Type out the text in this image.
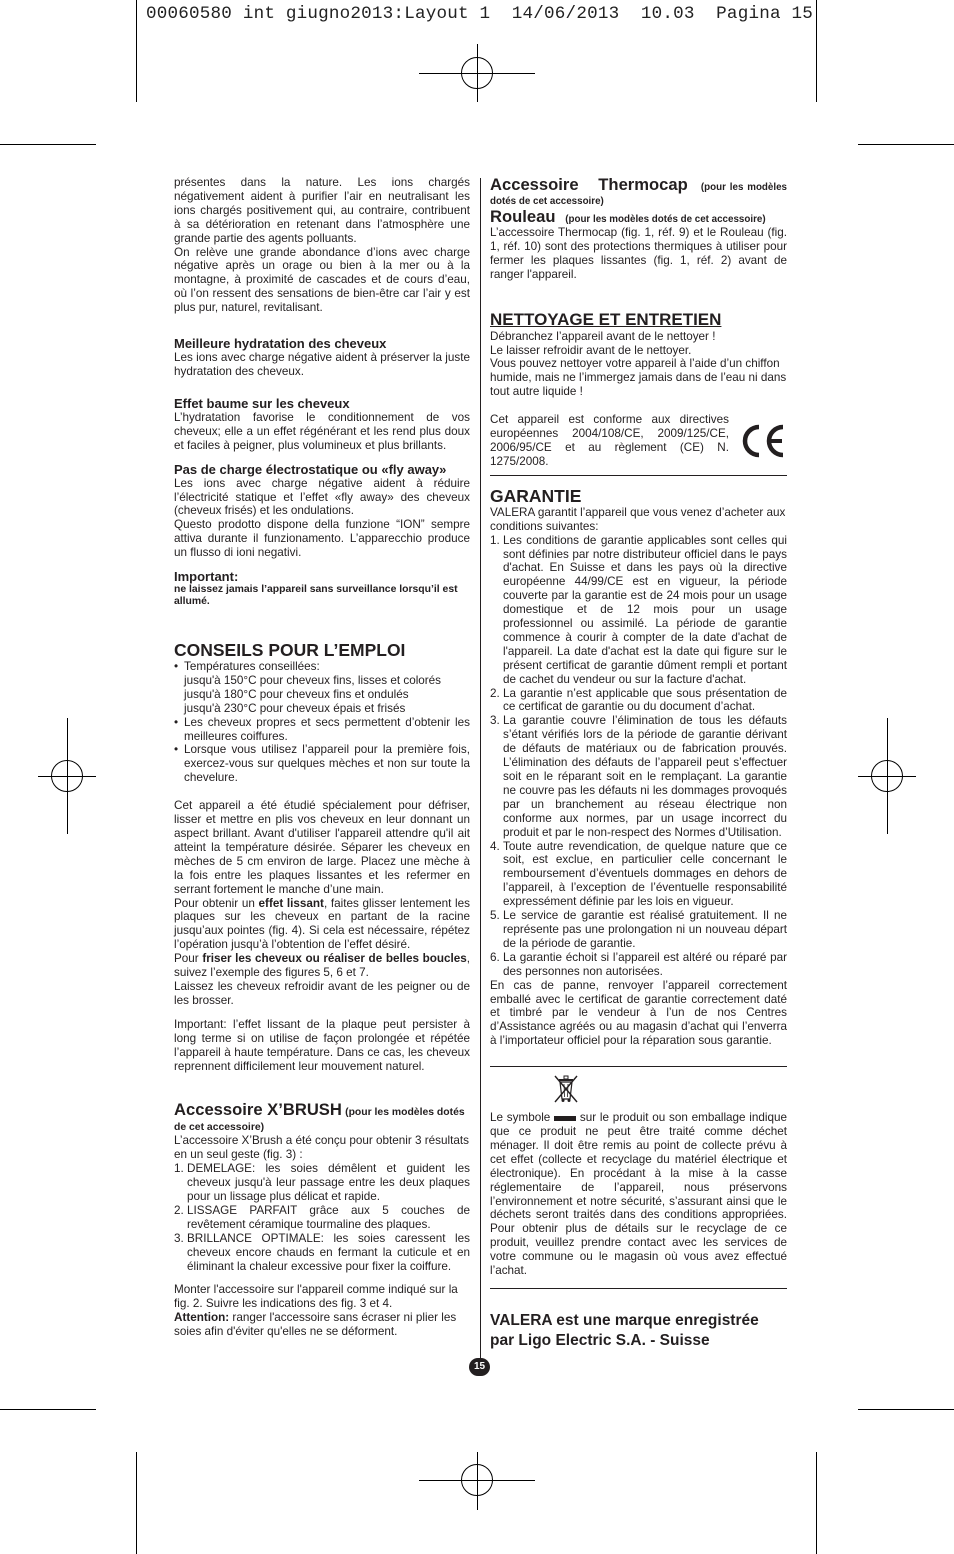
00060580 int giugno2013:Layout 1  14/06/2013  10.03  Pagina 15

présentes dans la nature. Les ions chargés négativement aident à purifier l’air en neutralisant les ions chargés positivement qui, au contraire, contribuent à sa détérioration en retenant dans l’atmosphère une grande partie des agents polluants.

On relève une grande abondance d’ions avec charge négative après un orage ou bien à la mer ou à la montagne, à proximité de cascades et de cours d’eau, où l’on ressent des sensations de bien-être car l’air y est plus pur, naturel, revitalisant.

Meilleure hydratation des cheveux

Les ions avec charge négative aident à préserver la juste hydratation des cheveux.

Effet baume sur les cheveux

L’hydratation favorise le conditionnement de vos cheveux; elle a un effet régénérant et les rend plus doux et faciles à peigner, plus volumineux et plus brillants.

Pas de charge électrostatique ou «fly away»

Les ions avec charge négative aident à réduire l’électricité statique et l’effet «fly away» des cheveux (cheveux frisés) et les ondulations.

Questo prodotto dispone della funzione “ION” sempre attiva durante il funzionamento. L’apparecchio produce un flusso di ioni negativi.

Important:

ne laissez jamais l’appareil sans surveillance lorsqu’il est allumé.

CONSEILS POUR L’EMPLOI

• Températures conseillées:
jusqu'à 150°C pour cheveux fins, lisses et colorés
jusqu'à 180°C pour cheveux fins et ondulés
jusqu'à 230°C pour cheveux épais et frisés
• Les cheveux propres et secs permettent d’obtenir les meilleures coiffures.
• Lorsque vous utilisez l’appareil pour la première fois, exercez-vous sur quelques mèches et non sur toute la chevelure.

Cet appareil a été étudié spécialement pour défriser, lisser et mettre en plis vos cheveux en leur donnant un aspect brillant. Avant d'utiliser l'appareil attendre qu'il ait atteint la température désirée. Séparer les cheveux en mèches de 5 cm environ de large. Placez une mèche à la fois entre les plaques lissantes et les refermer en serrant fortement le manche d’une main.

Pour obtenir un effet lissant, faites glisser lentement les plaques sur les cheveux en partant de la racine jusqu’aux pointes (fig. 4). Si cela est nécessaire, répétez l’opération jusqu’à l’obtention de l’effet désiré.

Pour friser les cheveux ou réaliser de belles boucles, suivez l’exemple des figures 5, 6 et 7.

Laissez les cheveux refroidir avant de les peigner ou de les brosser.

Important: l’effet lissant de la plaque peut persister à long terme si on utilise de façon prolongée et répétée l’appareil à haute température. Dans ce cas, les cheveux reprennent difficilement leur mouvement naturel.

Accessoire X’BRUSH (pour les modèles dotés de cet accessoire)

L’accessoire X’Brush a été conçu pour obtenir 3 résultats en un seul geste (fig. 3) :

1. DEMELAGE: les soies démêlent et guident les cheveux jusqu'à leur passage entre les deux plaques pour un lissage plus délicat et rapide.
2. LISSAGE PARFAIT grâce aux 5 couches de revêtement céramique tourmaline des plaques.
3. BRILLANCE OPTIMALE: les soies caressent les cheveux encore chauds en fermant la cuticule et en éliminant la chaleur excessive pour fixer la coiffure.

Monter l'accessoire sur l'appareil comme indiqué sur la fig. 2. Suivre les indications des fig. 3 et 4.

Attention: ranger l'accessoire sans écraser ni plier les soies afin d'éviter qu'elles ne se déforment.

Accessoire Thermocap (pour les modèles dotés de cet accessoire)

Rouleau (pour les modèles dotés de cet accessoire)

L’accessoire Thermocap (fig. 1, réf. 9) et le Rouleau (fig. 1, réf. 10) sont des protections thermiques à utiliser pour fermer les plaques lissantes (fig. 1, réf. 2) avant de ranger l'appareil.

NETTOYAGE ET ENTRETIEN

Débranchez l’appareil avant de le nettoyer !

Le laisser refroidir avant de le nettoyer.

Vous pouvez nettoyer votre appareil à l’aide d’un chiffon humide, mais ne l’immergez jamais dans de l’eau ni dans tout autre liquide !

Cet appareil est conforme aux directives européennes 2004/108/CE, 2009/125/CE, 2006/95/CE et au règlement (CE) N. 1275/2008.

GARANTIE

VALERA garantit l’appareil que vous venez d’acheter aux conditions suivantes:

1. Les conditions de garantie applicables sont celles qui sont définies par notre distributeur officiel dans le pays d'achat. En Suisse et dans les pays où la directive européenne 44/99/CE est en vigueur, la période couverte par la garantie est de 24 mois pour un usage domestique et de 12 mois pour un usage professionnel ou assimilé. La période de garantie commence à courir à compter de la date d'achat de l'appareil. La date d'achat est la date qui figure sur le présent certificat de garantie dûment rempli et portant de cachet du vendeur ou sur la facture d'achat.
2. La garantie n’est applicable que sous présentation de ce certificat de garantie ou du document d’achat.
3. La garantie couvre l’élimination de tous les défauts s’étant vérifiés lors de la période de garantie dérivant de défauts de matériaux ou de fabrication prouvés. L’élimination des défauts de l’appareil peut s’effectuer soit en le réparant soit en le remplaçant. La garantie ne couvre pas les défauts ni les dommages provoqués par un branchement au réseau électrique non conforme aux normes, par un usage incorrect du produit et par le non-respect des Normes d’Utilisation.
4. Toute autre revendication, de quelque nature que ce soit, est exclue, en particulier celle concernant le remboursement d’éventuels dommages en dehors de l’appareil, à l’exception de l’éventuelle responsabilité expressément définie par les lois en vigueur.
5. Le service de garantie est réalisé gratuitement. Il ne représente pas une prolongation ni un nouveau départ de la période de garantie.
6. La garantie échoit si l’appareil est altéré ou réparé par des personnes non autorisées.

En cas de panne, renvoyer l’appareil correctement emballé avec le certificat de garantie correctement daté et timbré par le vendeur à l’un de nos Centres d’Assistance agréés ou au magasin d’achat qui l’enverra à l’importateur officiel pour la réparation sous garantie.

Le symbole	sur le produit ou son emballage indique que ce produit ne peut être traité comme déchet ménager. Il doit être remis au point de collecte prévu à cet effet (collecte et recyclage du matériel électrique et électronique). En procédant à la mise à la casse réglementaire de l’appareil, nous préservons l’environnement et notre sécurité, s’assurant ainsi que le déchets seront traités dans des conditions appropriées. Pour obtenir plus de détails sur le recyclage de ce produit, veuillez prendre contact avec les services de votre commune ou le magasin où vous avez effectué l’achat.

VALERA est une marque enregistrée

par Ligo Electric S.A. - Suisse

15
